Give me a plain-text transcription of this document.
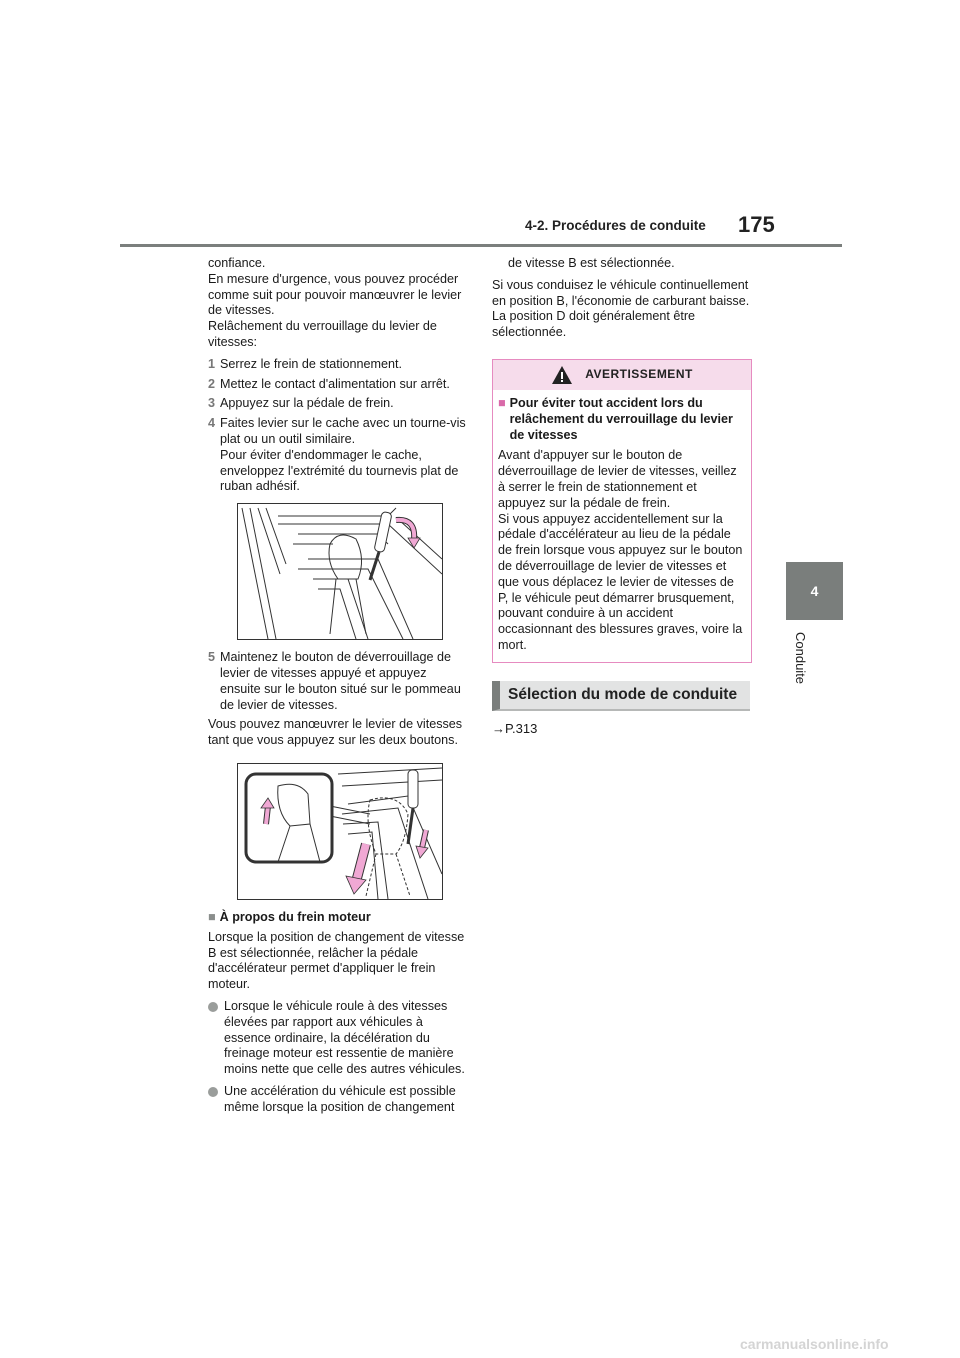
4-2. Procédures de conduite 175
4
Conduite

confiance.

En mesure d'urgence, vous pouvez procéder comme suit pour pouvoir manœuvrer le levier de vitesses.

Relâchement du verrouillage du levier de vitesses:

1 Serrez le frein de stationnement.
2 Mettez le contact d'alimentation sur arrêt.
3 Appuyez sur la pédale de frein.
4 Faites levier sur le cache avec un tourne-vis plat ou un outil similaire.

Pour éviter d'endommager le cache, enveloppez l'extrémité du tournevis plat de ruban adhésif.

5 Maintenez le bouton de déverrouillage de levier de vitesses appuyé et appuyez ensuite sur le bouton situé sur le pommeau de levier de vitesses.

Vous pouvez manœuvrer le levier de vitesses tant que vous appuyez sur les deux boutons.

■ À propos du frein moteur

Lorsque la position de changement de vitesse B est sélectionnée, relâcher la pédale d'accélérateur permet d'appliquer le frein moteur.

Lorsque le véhicule roule à des vitesses élevées par rapport aux véhicules à essence ordinaire, la décélération du freinage moteur est ressentie de manière moins nette que celle des autres véhicules.
Une accélération du véhicule est possible même lorsque la position de changement

de vitesse B est sélectionnée.

Si vous conduisez le véhicule continuellement en position B, l'économie de carburant baisse. La position D doit généralement être sélectionnée.

AVERTISSEMENT
■ Pour éviter tout accident lors du relâchement du verrouillage du levier de vitesses

Avant d'appuyer sur le bouton de déverrouillage de levier de vitesses, veillez à serrer le frein de stationnement et appuyez sur la pédale de frein.

Si vous appuyez accidentellement sur la pédale d'accélérateur au lieu de la pédale de frein lorsque vous appuyez sur le bouton de déverrouillage de levier de vitesses et que vous déplacez le levier de vitesses de P, le véhicule peut démarrer brusquement, pouvant conduire à un accident occasionnant des blessures graves, voire la mort.

Sélection du mode de conduite
→P.313
carmanualsonline.info
